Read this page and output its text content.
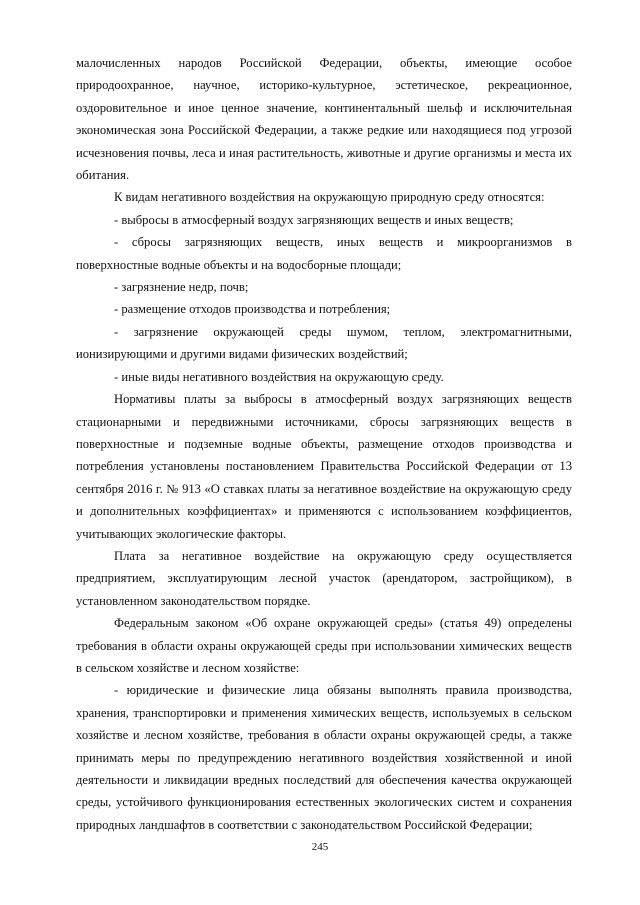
малочисленных народов Российской Федерации, объекты, имеющие особое природоохранное, научное, историко-культурное, эстетическое, рекреационное, оздоровительное и иное ценное значение, континентальный шельф и исключительная экономическая зона Российской Федерации, а также редкие или находящиеся под угрозой исчезновения почвы, леса и иная растительность, животные и другие организмы и места их обитания.

К видам негативного воздействия на окружающую природную среду относятся:

- выбросы в атмосферный воздух загрязняющих веществ и иных веществ;

- сбросы загрязняющих веществ, иных веществ и микроорганизмов в поверхностные водные объекты и на водосборные площади;

- загрязнение недр, почв;

- размещение отходов производства и потребления;

- загрязнение окружающей среды шумом, теплом, электромагнитными, ионизирующими и другими видами физических воздействий;

- иные виды негативного воздействия на окружающую среду.

Нормативы платы за выбросы в атмосферный воздух загрязняющих веществ стационарными и передвижными источниками, сбросы загрязняющих веществ в поверхностные и подземные водные объекты, размещение отходов производства и потребления установлены постановлением Правительства Российской Федерации от 13 сентября 2016 г. № 913 «О ставках платы за негативное воздействие на окружающую среду и дополнительных коэффициентах» и применяются с использованием коэффициентов, учитывающих экологические факторы.

Плата за негативное воздействие на окружающую среду осуществляется предприятием, эксплуатирующим лесной участок (арендатором, застройщиком), в установленном законодательством порядке.

Федеральным законом «Об охране окружающей среды» (статья 49) определены требования в области охраны окружающей среды при использовании химических веществ в сельском хозяйстве и лесном хозяйстве:

- юридические и физические лица обязаны выполнять правила производства, хранения, транспортировки и применения химических веществ, используемых в сельском хозяйстве и лесном хозяйстве, требования в области охраны окружающей среды, а также принимать меры по предупреждению негативного воздействия хозяйственной и иной деятельности и ликвидации вредных последствий для обеспечения качества окружающей среды, устойчивого функционирования естественных экологических систем и сохранения природных ландшафтов в соответствии с законодательством Российской Федерации;

245
